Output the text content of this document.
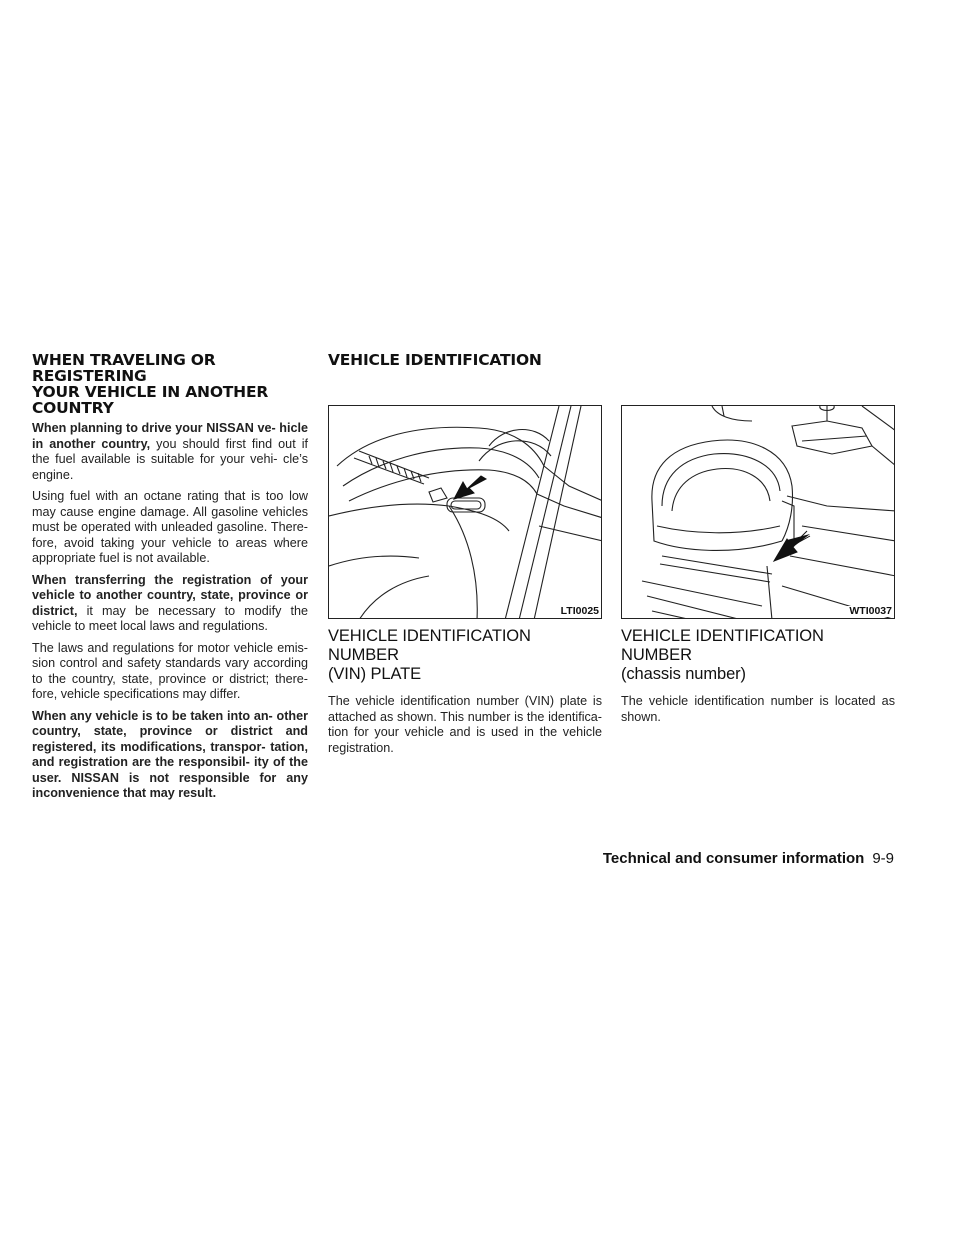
WHEN TRAVELING OR REGISTERING
YOUR VEHICLE IN ANOTHER
COUNTRY

When planning to drive your NISSAN ve- hicle in another country, you should first find out if the fuel available is suitable for your vehi- cle’s engine.

Using fuel with an octane rating that is too low may cause engine damage. All gasoline vehicles must be operated with unleaded gasoline. There- fore, avoid taking your vehicle to areas where appropriate fuel is not available.

When transferring the registration of your vehicle to another country, state, province or district, it may be necessary to modify the vehicle to meet local laws and regulations.

The laws and regulations for motor vehicle emis- sion control and safety standards vary according to the country, state, province or district; there- fore, vehicle specifications may differ.

When any vehicle is to be taken into an- other country, state, province or district and registered, its modifications, transpor- tation, and registration are the responsibil- ity of the user. NISSAN is not responsible for any inconvenience that may result.

VEHICLE IDENTIFICATION
LTI0025
VEHICLE IDENTIFICATION NUMBER
(VIN) PLATE

The vehicle identification number (VIN) plate is attached as shown. This number is the identifica- tion for your vehicle and is used in the vehicle registration.

WTI0037
VEHICLE IDENTIFICATION NUMBER
(chassis number)

The vehicle identification number is located as shown.

Technical and consumer information 9-9
